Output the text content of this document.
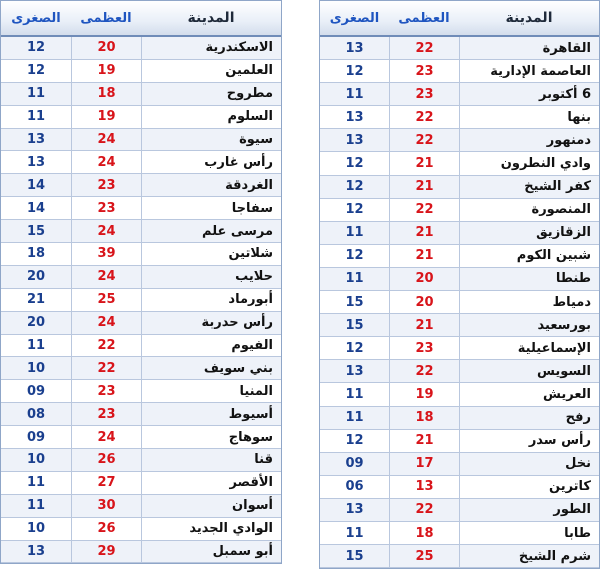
المدينة
العظمى
الصغرى
القاهرة
22
13
العاصمة الإدارية
23
12
6 أكتوبر
23
11
بنها
22
13
دمنهور
22
13
وادي النطرون
21
12
كفر الشيخ
21
12
المنصورة
22
12
الزقازيق
21
11
شبين الكوم
21
12
طنطا
20
11
دمياط
20
15
بورسعيد
21
15
الإسماعيلية
23
12
السويس
22
13
العريش
19
11
رفح
18
11
رأس سدر
21
12
نخل
17
09
كاترين
13
06
الطور
22
13
طابا
18
11
شرم الشيخ
25
15
المدينة
العظمى
الصغرى
الاسكندرية
20
12
العلمين
19
12
مطروح
18
11
السلوم
19
11
سيوة
24
13
رأس غارب
24
13
الغردقة
23
14
سفاجا
23
14
مرسى علم
24
15
شلاتين
39
18
حلايب
24
20
أبورماد
25
21
رأس حدربة
24
20
الفيوم
22
11
بني سويف
22
10
المنيا
23
09
أسيوط
23
08
سوهاج
24
09
قنا
26
10
الأقصر
27
11
أسوان
30
11
الوادي الجديد
26
10
أبو سمبل
29
13
